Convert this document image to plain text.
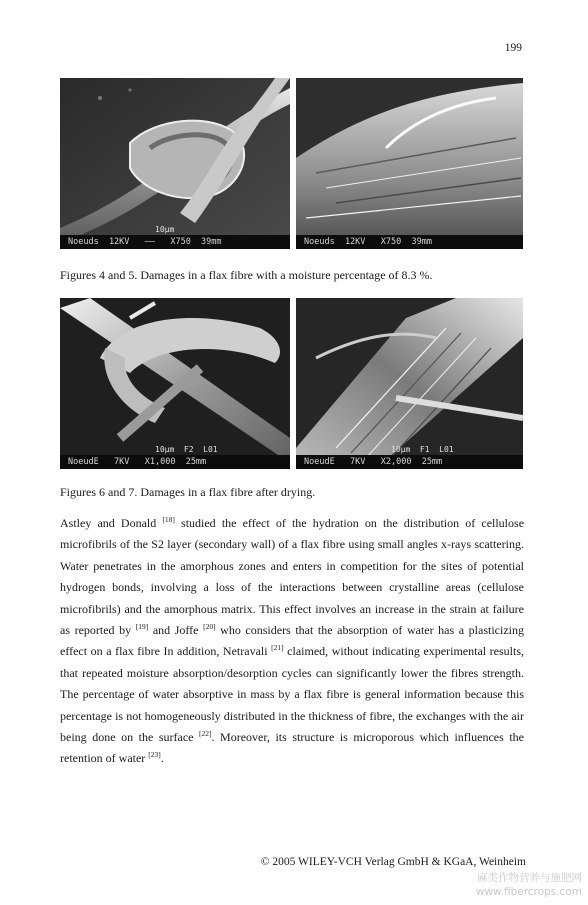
199
10μm
Noeuds  12KV   ——   X750  39mm	Noeuds  12KV   X750  39mm
Figures 4 and 5. Damages in a flax fibre with a moisture percentage of 8.3 %.
10μm  F2  L01
NoeudE   7KV   X1,000  25mm
10μm  F1  L01
NoeudE   7KV   X2,000  25mm
Figures 6 and 7. Damages in a flax fibre after drying.
Astley and Donald [18] studied the effect of the hydration on the distribution of cellulose microfibrils of the S2 layer (secondary wall) of a flax fibre using small angles x-rays scattering. Water penetrates in the amorphous zones and enters in competition for the sites of potential hydrogen bonds, involving a loss of the interactions between crystalline areas (cellulose microfibrils) and the amorphous matrix. This effect involves an increase in the strain at failure as reported by [19] and Joffe [20] who considers that the absorption of water has a plasticizing effect on a flax fibre In addition, Netravali [21] claimed, without indicating experimental results, that repeated moisture absorption/desorption cycles can significantly lower the fibres strength. The percentage of water absorptive in mass by a flax fibre is general information because this percentage is not homogeneously distributed in the thickness of fibre, the exchanges with the air being done on the surface [22]. Moreover, its structure is microporous which influences the retention of water [23].
© 2005 WILEY-VCH Verlag GmbH & KGaA, Weinheim
麻类作物营养与施肥网
www.fibercrops.com
